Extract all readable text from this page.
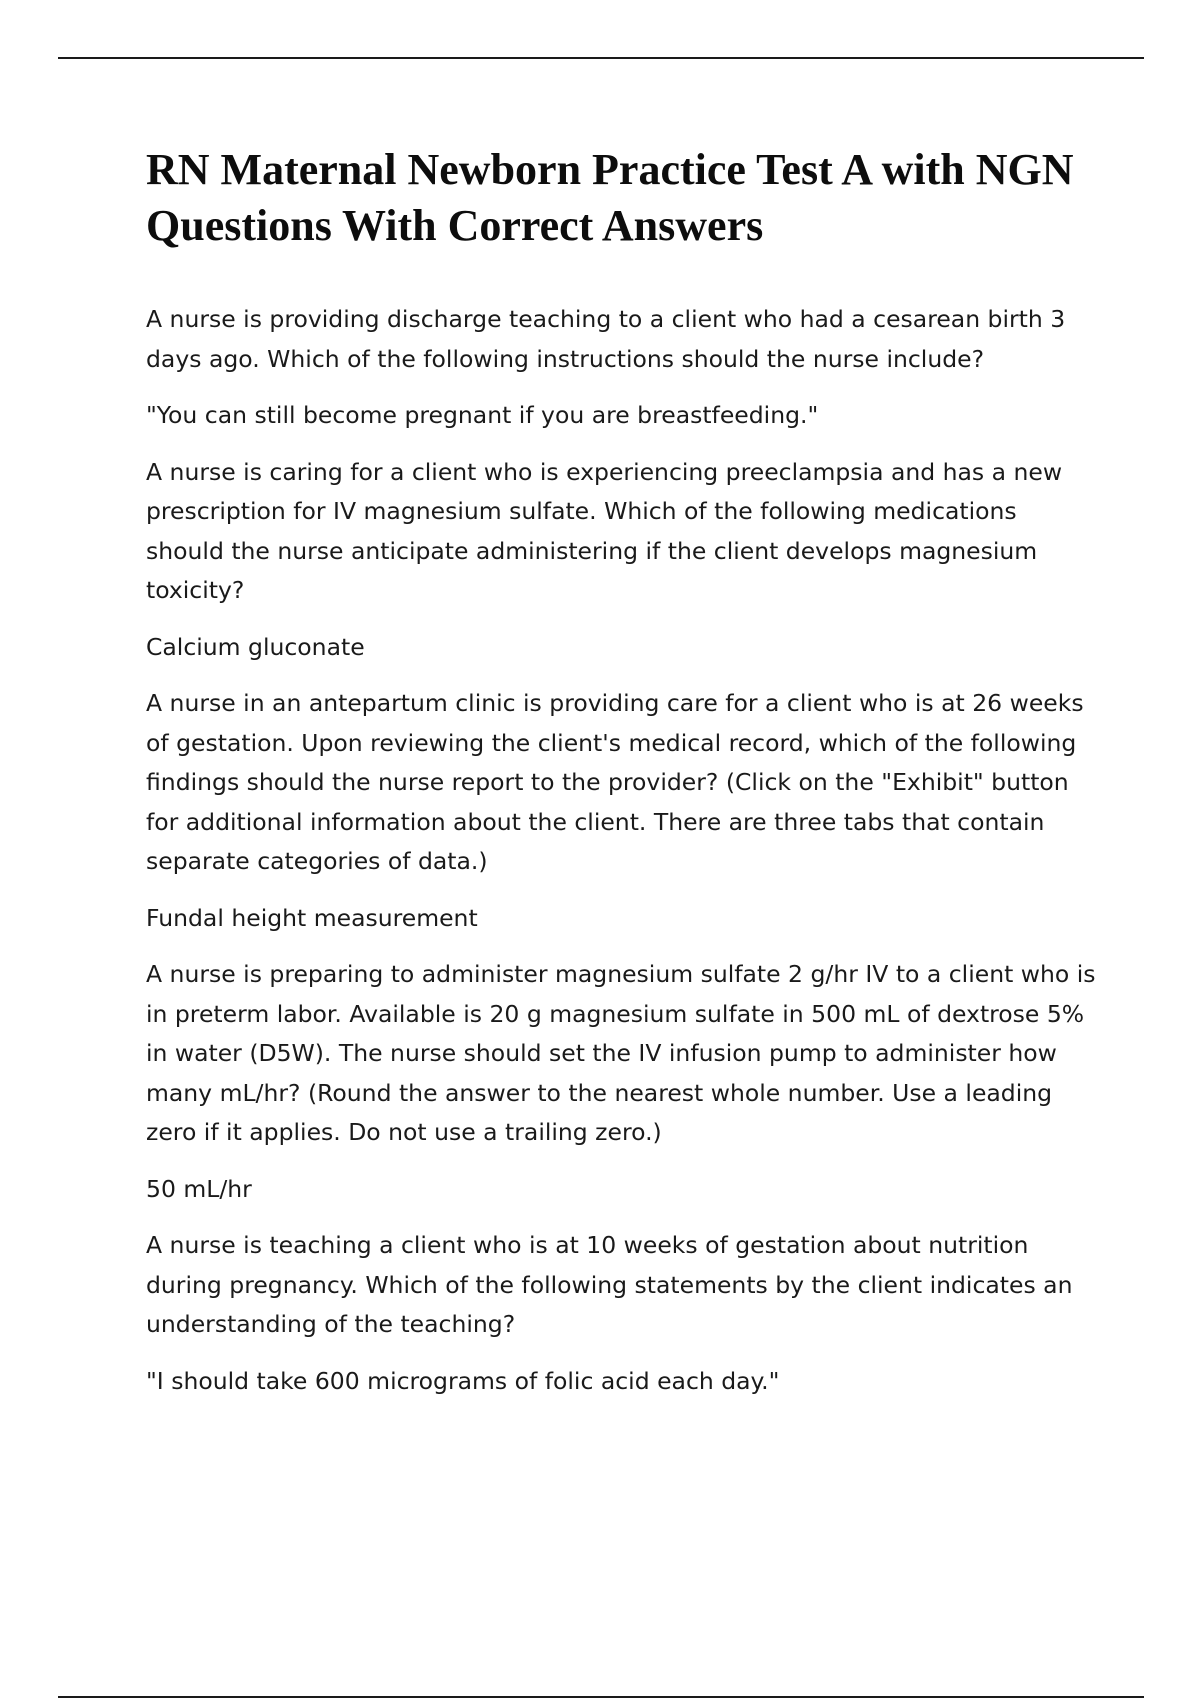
RN Maternal Newborn Practice Test A with NGN Questions With Correct Answers

A nurse is providing discharge teaching to a client who had a cesarean birth 3 days ago. Which of the following instructions should the nurse include?

"You can still become pregnant if you are breastfeeding."

A nurse is caring for a client who is experiencing preeclampsia and has a new prescription for IV magnesium sulfate. Which of the following medications should the nurse anticipate administering if the client develops magnesium toxicity?

Calcium gluconate

A nurse in an antepartum clinic is providing care for a client who is at 26 weeks of gestation. Upon reviewing the client's medical record, which of the following findings should the nurse report to the provider? (Click on the "Exhibit" button for additional information about the client. There are three tabs that contain separate categories of data.)

Fundal height measurement

A nurse is preparing to administer magnesium sulfate 2 g/hr IV to a client who is in preterm labor. Available is 20 g magnesium sulfate in 500 mL of dextrose 5% in water (D5W). The nurse should set the IV infusion pump to administer how many mL/hr? (Round the answer to the nearest whole number. Use a leading zero if it applies. Do not use a trailing zero.)

50 mL/hr

A nurse is teaching a client who is at 10 weeks of gestation about nutrition during pregnancy. Which of the following statements by the client indicates an understanding of the teaching?

"I should take 600 micrograms of folic acid each day."
